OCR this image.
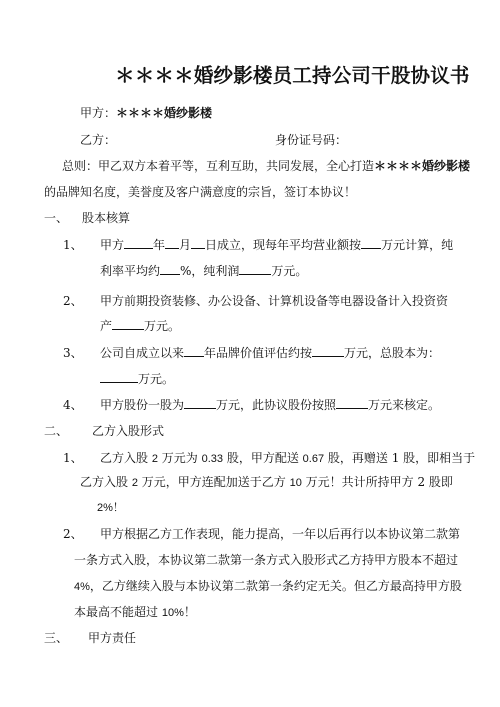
＊＊＊＊婚纱影楼员工持公司干股协议书
甲方：＊＊＊＊婚纱影楼
乙方：	身份证号码：
总则：甲乙双方本着平等，互利互助，共同发展，全心打造＊＊＊＊婚纱影楼
的品牌知名度，美誉度及客户满意度的宗旨，签订本协议！
一、 股本核算
1、 甲方 年 月 日成立，现每年平均营业额按 万元计算，纯
利率平均约 %，纯利润	万元。
2、 甲方前期投资装修、办公设备、计算机设备等电器设备计入投资资
产	万元。
3、 公司自成立以来 年品牌价值评估约按	万元，总股本为：
万元。
4、 甲方股份一股为	万元，此协议股份按照	万元来核定。
二、 乙方入股形式
1、 乙方入股 2 万元为 0.33 股，甲方配送 0.67 股，再赠送 1 股，即相当于
乙方入股 2 万元，甲方连配加送于乙方 10 万元！共计所持甲方 2 股即
2%！
2、 甲方根据乙方工作表现，能力提高，一年以后再行以本协议第二款第
一条方式入股，本协议第二款第一条方式入股形式乙方持甲方股本不超过
4%，乙方继续入股与本协议第二款第一条约定无关。但乙方最高持甲方股
本最高不能超过 10%！
三、 甲方责任
